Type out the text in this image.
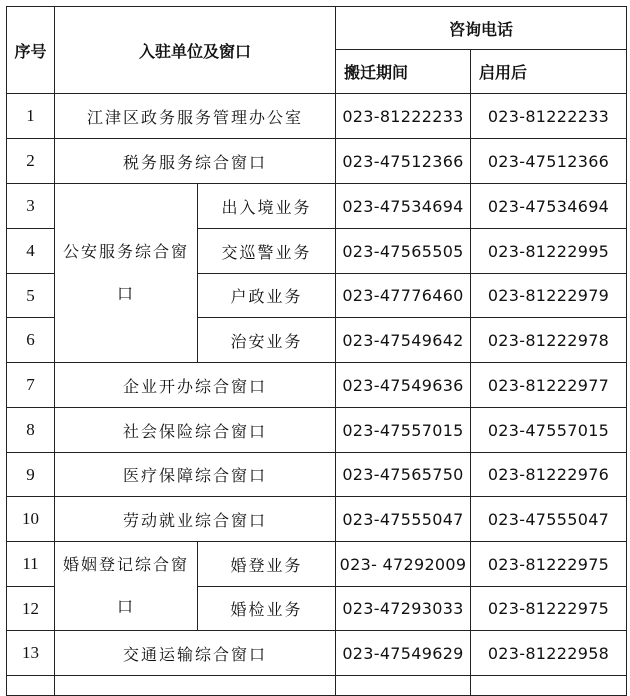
序号	入驻单位及窗口		咨询电话	
			搬迁期间	启用后
1	江津区政务服务管理办公室		023-81222233	023-81222233
2	税务服务综合窗口		023-47512366	023-47512366
3	公安服务综合窗口	出入境业务	023-47534694	023-47534694
4		交巡警业务	023-47565505	023-81222995
5		户政业务	023-47776460	023-81222979
6		治安业务	023-47549642	023-81222978
7	企业开办综合窗口		023-47549636	023-81222977
8	社会保险综合窗口		023-47557015	023-47557015
9	医疗保障综合窗口		023-47565750	023-81222976
10	劳动就业综合窗口		023-47555047	023-47555047
11	婚姻登记综合窗口	婚登业务	023- 47292009	023-81222975
12		婚检业务	023-47293033	023-81222975
13	交通运输综合窗口		023-47549629	023-81222958
